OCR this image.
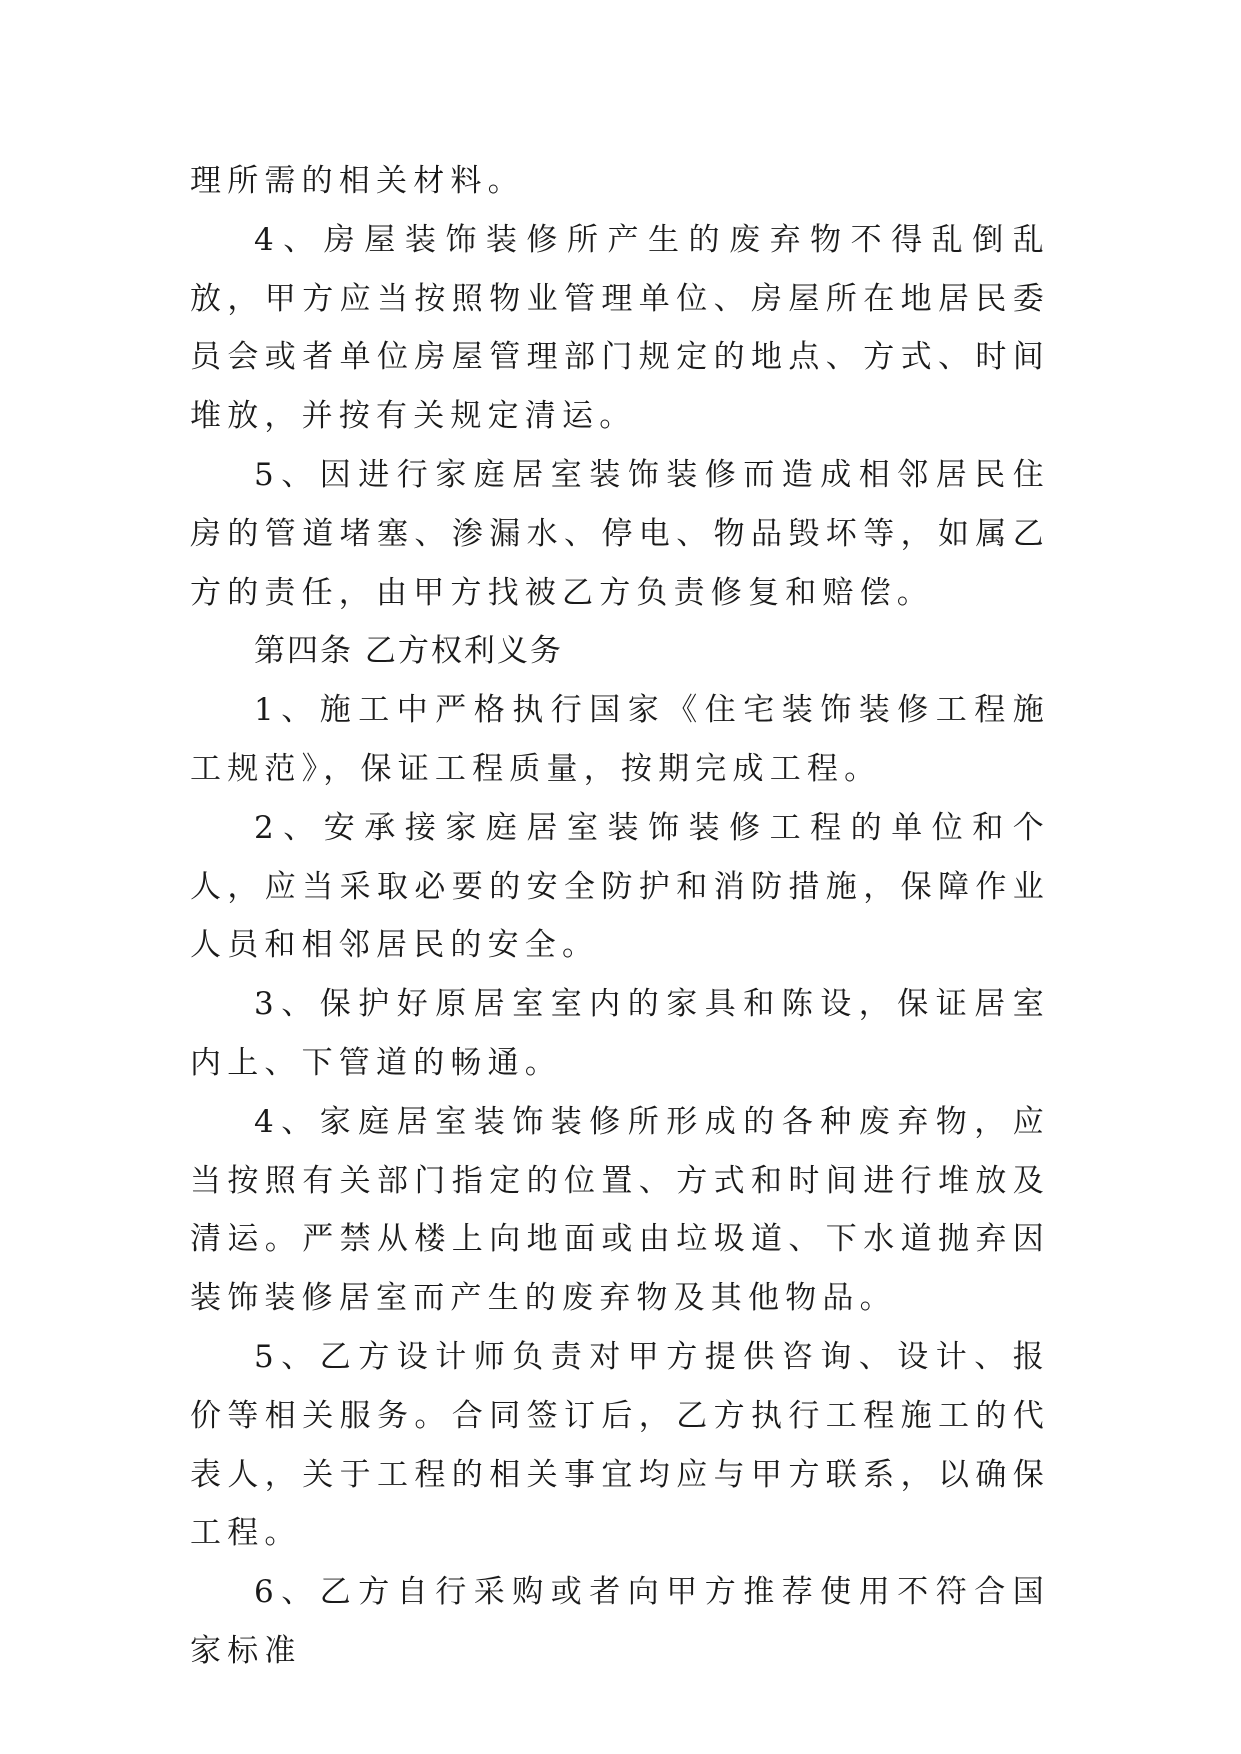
理所需的相关材料。

4、房屋装饰装修所产生的废弃物不得乱倒乱放，甲方应当按照物业管理单位、房屋所在地居民委员会或者单位房屋管理部门规定的地点、方式、时间堆放，并按有关规定清运。

5、因进行家庭居室装饰装修而造成相邻居民住房的管道堵塞、渗漏水、停电、物品毁坏等，如属乙方的责任，由甲方找被乙方负责修复和赔偿。

第四条 乙方权利义务

1、施工中严格执行国家《住宅装饰装修工程施工规范》，保证工程质量，按期完成工程。

2、安承接家庭居室装饰装修工程的单位和个人，应当采取必要的安全防护和消防措施，保障作业人员和相邻居民的安全。

3、保护好原居室室内的家具和陈设，保证居室内上、下管道的畅通。

4、家庭居室装饰装修所形成的各种废弃物，应当按照有关部门指定的位置、方式和时间进行堆放及清运。严禁从楼上向地面或由垃圾道、下水道抛弃因装饰装修居室而产生的废弃物及其他物品。

5、乙方设计师负责对甲方提供咨询、设计、报价等相关服务。合同签订后，乙方执行工程施工的代表人，关于工程的相关事宜均应与甲方联系，以确保工程。

6、乙方自行采购或者向甲方推荐使用不符合国家标准
